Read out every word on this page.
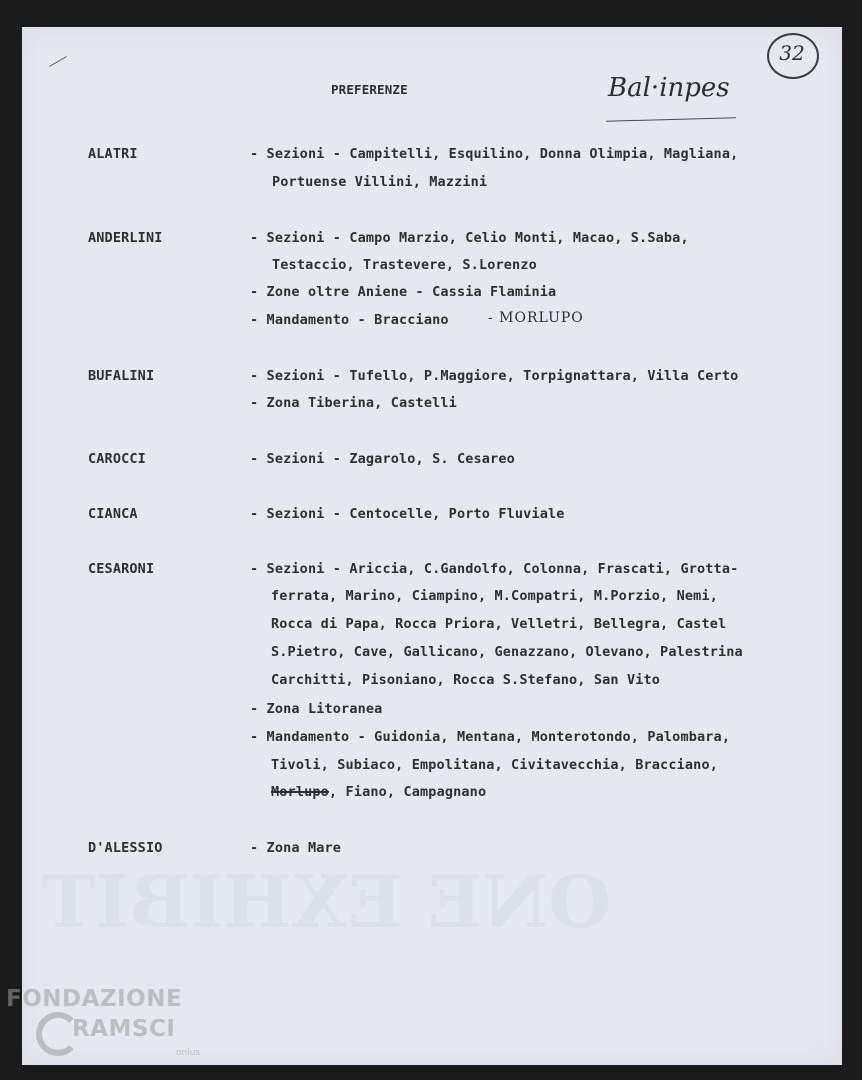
ONE EXHIBIT
PREFERENZE	Bal·inpes
32
ALATRI	- Sezioni - Campitelli, Esquilino, Donna Olimpia, Magliana,
Portuense Villini, Mazzini
ANDERLINI	- Sezioni - Campo Marzio, Celio Monti, Macao, S.Saba,
Testaccio, Trastevere, S.Lorenzo
- Zone oltre Aniene - Cassia Flaminia
- Mandamento - Bracciano	- MORLUPO
BUFALINI	- Sezioni - Tufello, P.Maggiore, Torpignattara, Villa Certo
- Zona Tiberina, Castelli
CAROCCI	- Sezioni - Zagarolo, S. Cesareo
CIANCA	- Sezioni - Centocelle, Porto Fluviale
CESARONI	- Sezioni - Ariccia, C.Gandolfo, Colonna, Frascati, Grotta-
ferrata, Marino, Ciampino, M.Compatri, M.Porzio, Nemi,
Rocca di Papa, Rocca Priora, Velletri, Bellegra, Castel
S.Pietro, Cave, Gallicano, Genazzano, Olevano, Palestrina
Carchitti, Pisoniano, Rocca S.Stefano, San Vito
- Zona Litoranea
- Mandamento - Guidonia, Mentana, Monterotondo, Palombara,
Tivoli, Subiaco, Empolitana, Civitavecchia, Bracciano,
Morlupo, Fiano, Campagnano
D'ALESSIO	- Zona Mare
FONDAZIONE
RAMSCI
onlus
